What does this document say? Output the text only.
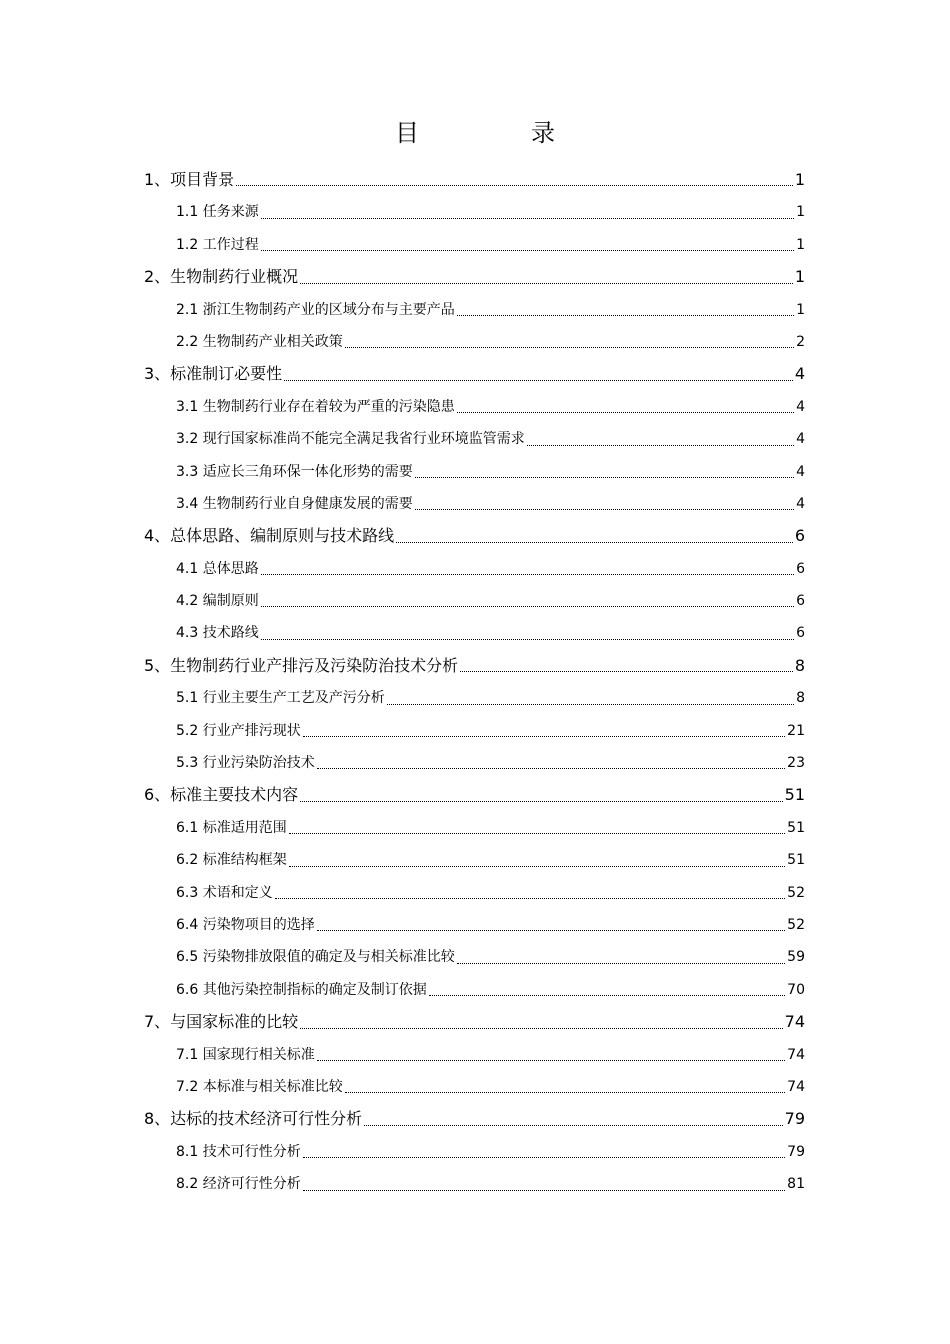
目　录
1、项目背景	1
1.1 任务来源	1
1.2 工作过程	1
2、生物制药行业概况	1
2.1 浙江生物制药产业的区域分布与主要产品	1
2.2 生物制药产业相关政策	2
3、标准制订必要性	4
3.1 生物制药行业存在着较为严重的污染隐患	4
3.2 现行国家标准尚不能完全满足我省行业环境监管需求	4
3.3 适应长三角环保一体化形势的需要	4
3.4 生物制药行业自身健康发展的需要	4
4、总体思路、编制原则与技术路线	6
4.1 总体思路	6
4.2 编制原则	6
4.3 技术路线	6
5、生物制药行业产排污及污染防治技术分析	8
5.1 行业主要生产工艺及产污分析	8
5.2 行业产排污现状	21
5.3 行业污染防治技术	23
6、标准主要技术内容	51
6.1 标准适用范围	51
6.2 标准结构框架	51
6.3 术语和定义	52
6.4 污染物项目的选择	52
6.5 污染物排放限值的确定及与相关标准比较	59
6.6 其他污染控制指标的确定及制订依据	70
7、与国家标准的比较	74
7.1 国家现行相关标准	74
7.2 本标准与相关标准比较	74
8、达标的技术经济可行性分析	79
8.1 技术可行性分析	79
8.2 经济可行性分析	81
